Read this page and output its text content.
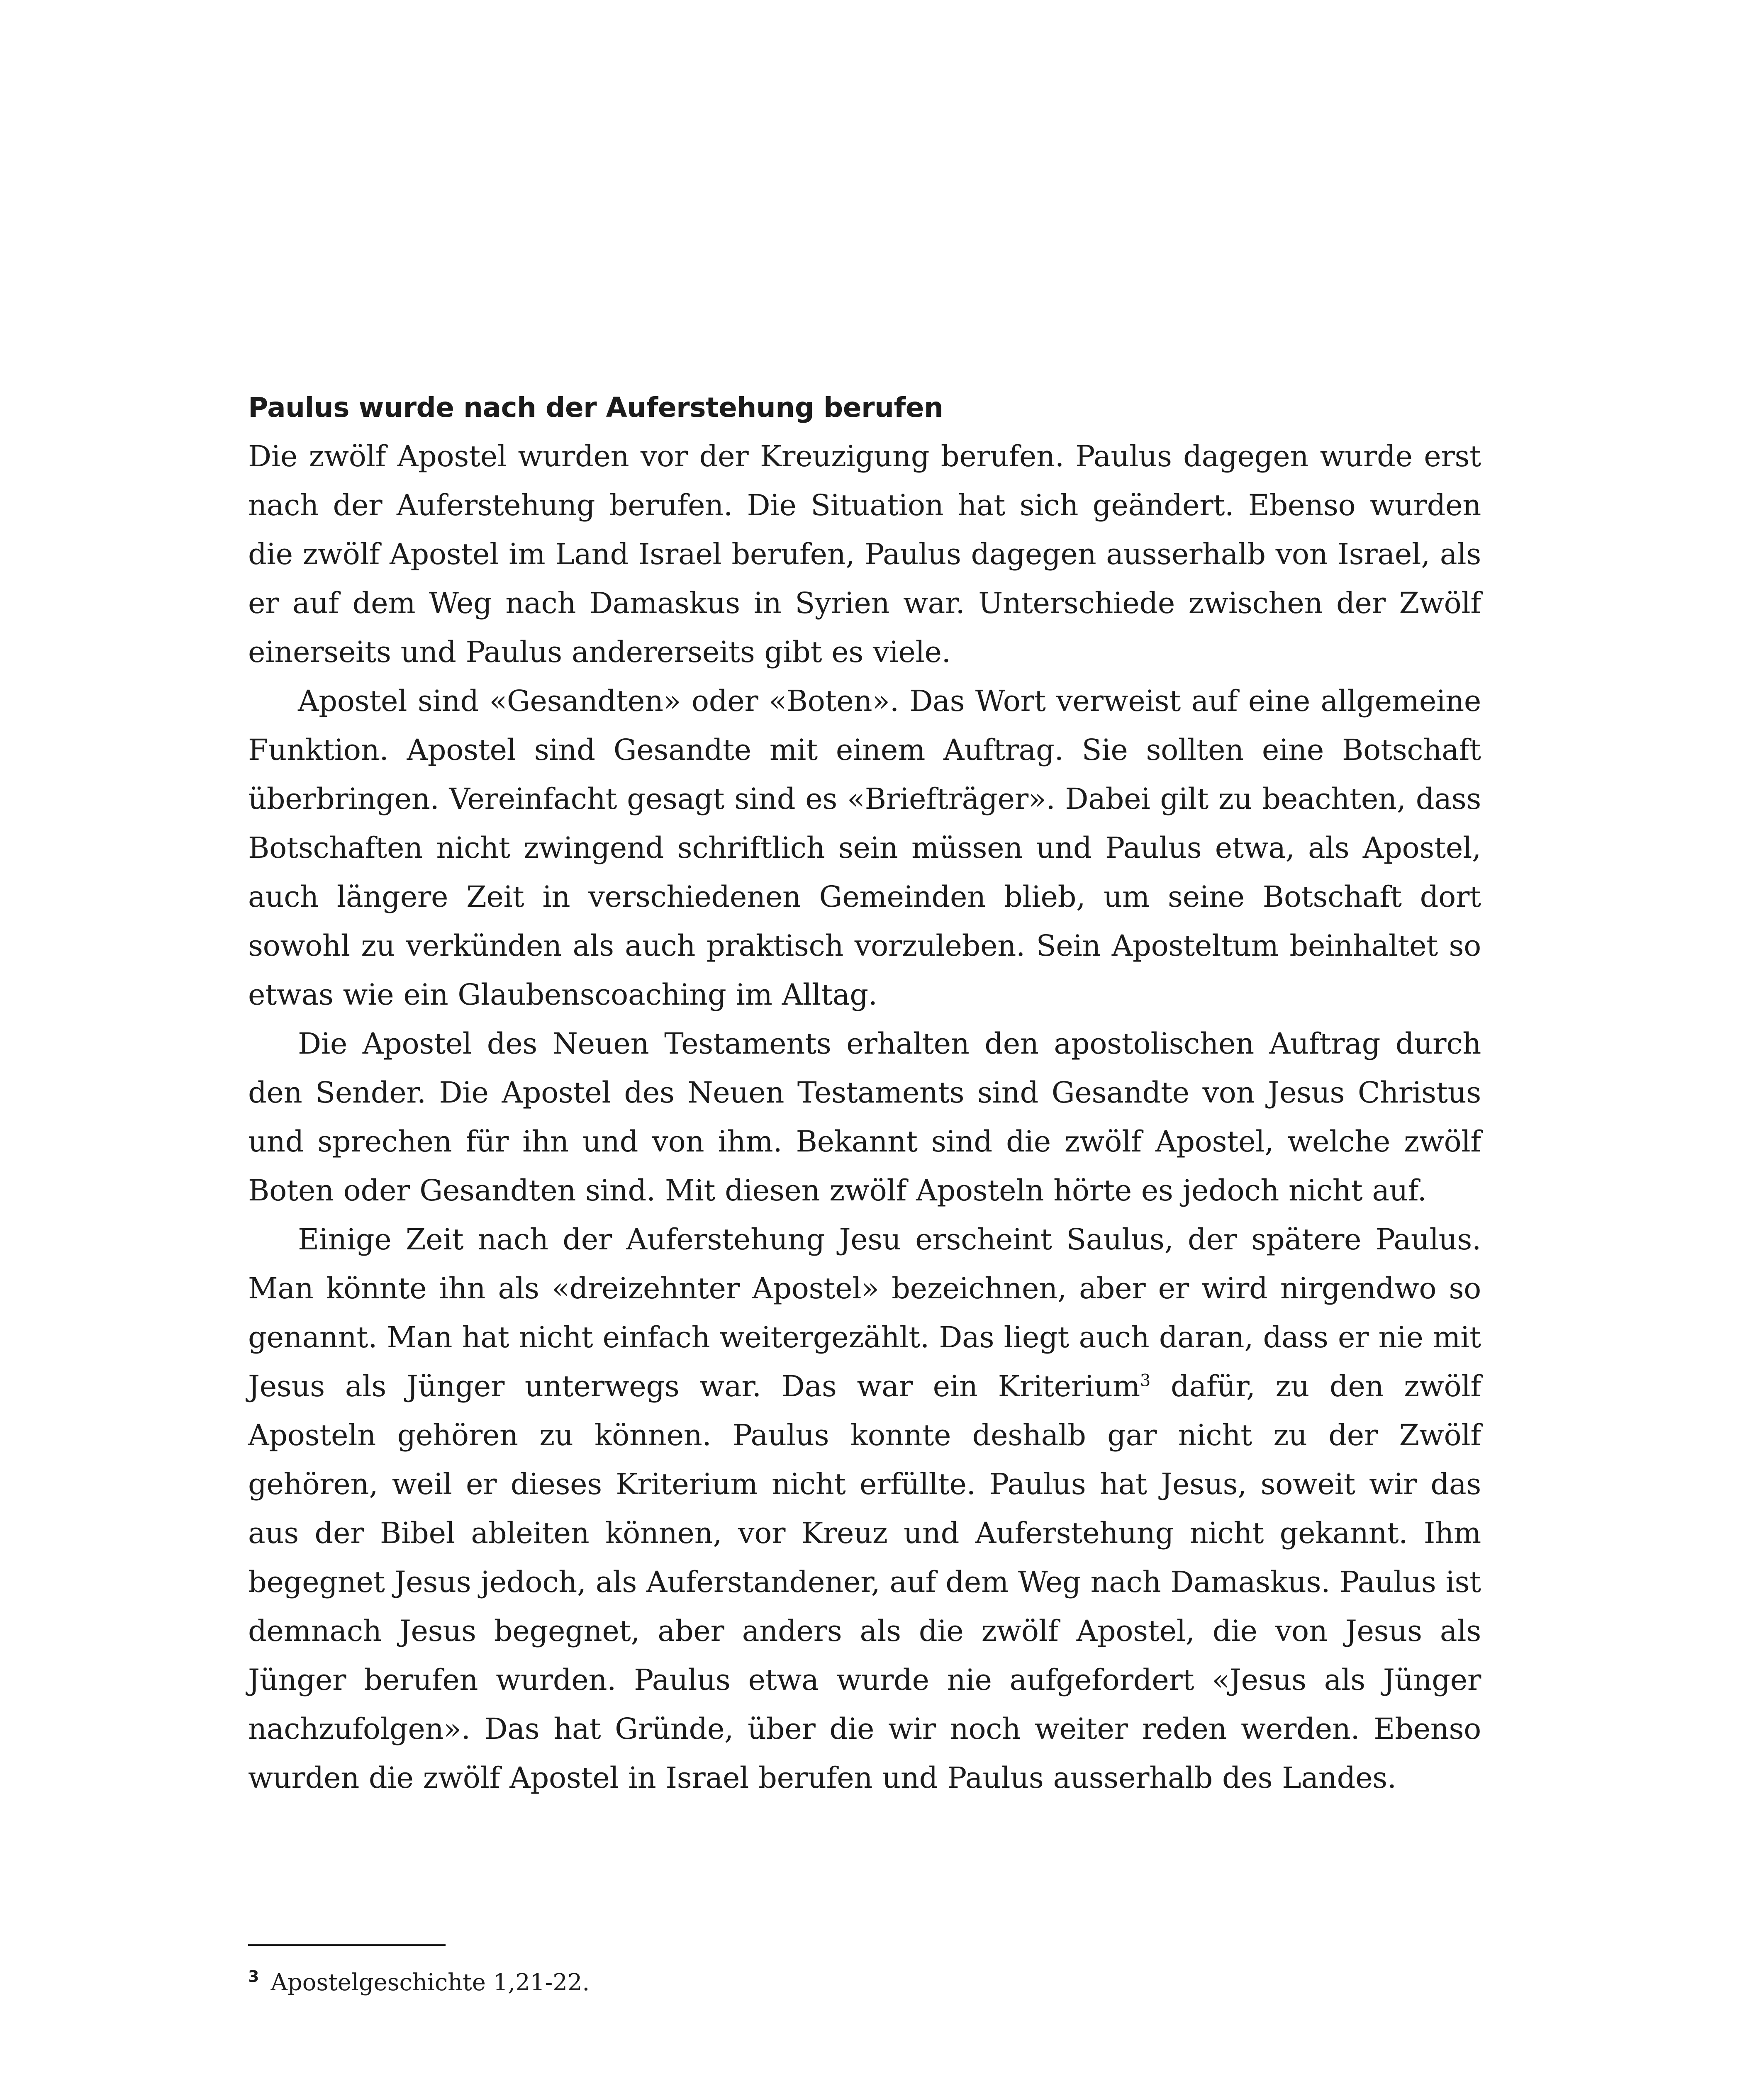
Paulus wurde nach der Auferstehung berufen

Die zwölf Apostel wurden vor der Kreuzigung berufen. Paulus dagegen wurde erst nach der Auferstehung berufen. Die Situation hat sich geändert. Ebenso wurden die zwölf Apostel im Land Israel berufen, Paulus dagegen ausserhalb von Israel, als er auf dem Weg nach Damaskus in Syrien war. Unterschiede zwischen der Zwölf einerseits und Paulus andererseits gibt es viele.

Apostel sind «Gesandten» oder «Boten». Das Wort verweist auf eine allgemeine Funktion. Apostel sind Gesandte mit einem Auftrag. Sie sollten eine Botschaft überbringen. Vereinfacht gesagt sind es «Briefträger». Dabei gilt zu beachten, dass Botschaften nicht zwingend schriftlich sein müssen und Paulus etwa, als Apostel, auch längere Zeit in verschiedenen Gemeinden blieb, um seine Botschaft dort sowohl zu verkünden als auch praktisch vorzuleben. Sein Aposteltum beinhaltet so etwas wie ein Glaubenscoaching im Alltag.

Die Apostel des Neuen Testaments erhalten den apostolischen Auftrag durch den Sender. Die Apostel des Neuen Testaments sind Gesandte von Jesus Christus und sprechen für ihn und von ihm. Bekannt sind die zwölf Apostel, welche zwölf Boten oder Gesandten sind. Mit diesen zwölf Aposteln hörte es jedoch nicht auf.

Einige Zeit nach der Auferstehung Jesu erscheint Saulus, der spätere Paulus. Man könnte ihn als «dreizehnter Apostel» bezeichnen, aber er wird nirgendwo so genannt. Man hat nicht einfach weitergezählt. Das liegt auch daran, dass er nie mit Jesus als Jünger unterwegs war. Das war ein Kriterium$^3$ dafür, zu den zwölf Aposteln gehören zu können. Paulus konnte deshalb gar nicht zu der Zwölf gehören, weil er dieses Kriterium nicht erfüllte. Paulus hat Jesus, soweit wir das aus der Bibel ableiten können, vor Kreuz und Auferstehung nicht gekannt. Ihm begegnet Jesus jedoch, als Auferstandener, auf dem Weg nach Damaskus. Paulus ist demnach Jesus begegnet, aber anders als die zwölf Apostel, die von Jesus als Jünger berufen wurden. Paulus etwa wurde nie aufgefordert «Jesus als Jünger nachzufolgen». Das hat Gründe, über die wir noch weiter reden werden. Ebenso wurden die zwölf Apostel in Israel berufen und Paulus ausserhalb des Landes.

$^3$ Apostelgeschichte 1,21-22.
